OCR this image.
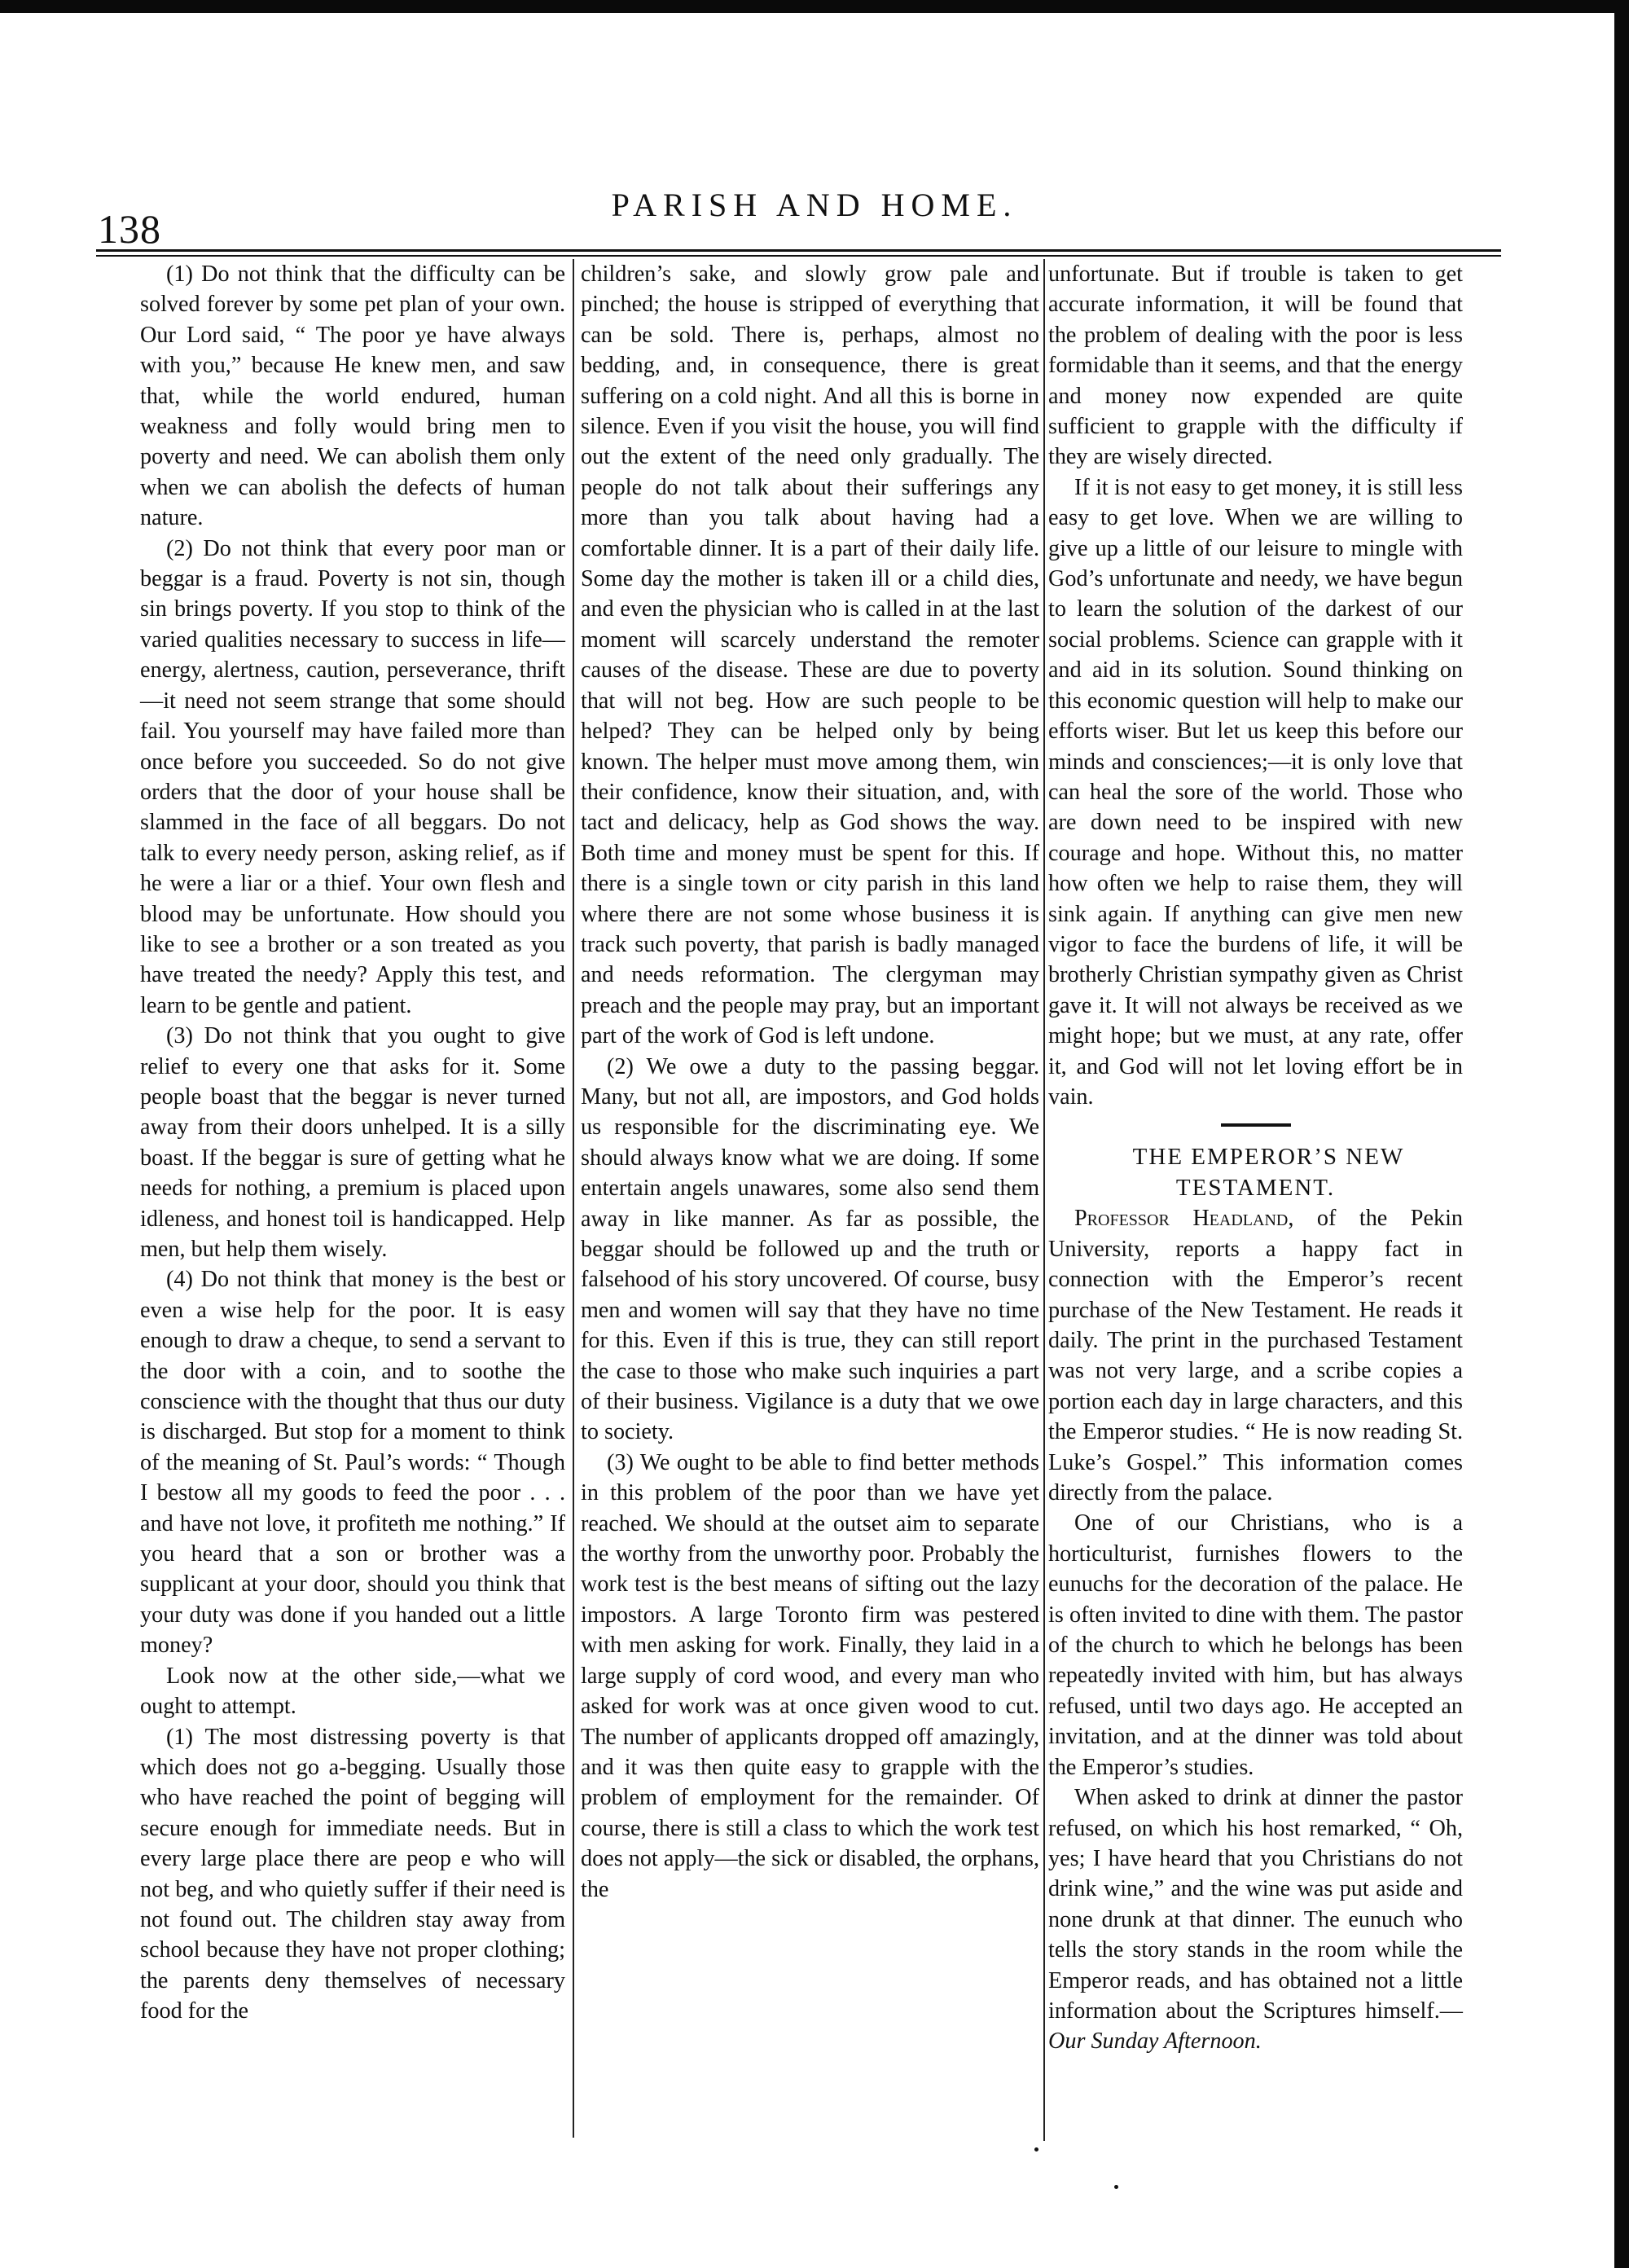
138
PARISH AND HOME.

(1) Do not think that the difficulty can be solved forever by some pet plan of your own. Our Lord said, “ The poor ye have always with you,” because He knew men, and saw that, while the world endured, human weakness and folly would bring men to poverty and need. We can abolish them only when we can abolish the defects of human nature.

(2) Do not think that every poor man or beggar is a fraud. Poverty is not sin, though sin brings poverty. If you stop to think of the varied qualities necessary to success in life—energy, alertness, caution, perseverance, thrift—it need not seem strange that some should fail. You yourself may have failed more than once before you succeeded. So do not give orders that the door of your house shall be slammed in the face of all beggars. Do not talk to every needy person, asking relief, as if he were a liar or a thief. Your own flesh and blood may be unfortunate. How should you like to see a brother or a son treated as you have treated the needy? Apply this test, and learn to be gentle and patient.

(3) Do not think that you ought to give relief to every one that asks for it. Some people boast that the beggar is never turned away from their doors unhelped. It is a silly boast. If the beggar is sure of getting what he needs for nothing, a premium is placed upon idleness, and honest toil is handicapped. Help men, but help them wisely.

(4) Do not think that money is the best or even a wise help for the poor. It is easy enough to draw a cheque, to send a servant to the door with a coin, and to soothe the conscience with the thought that thus our duty is discharged. But stop for a moment to think of the meaning of St. Paul’s words: “ Though I bestow all my goods to feed the poor . . . and have not love, it profiteth me nothing.” If you heard that a son or brother was a supplicant at your door, should you think that your duty was done if you handed out a little money?

Look now at the other side,—what we ought to attempt.

(1) The most distressing poverty is that which does not go a-begging. Usually those who have reached the point of begging will secure enough for immediate needs. But in every large place there are peop e who will not beg, and who quietly suffer if their need is not found out. The children stay away from school because they have not proper clothing; the parents deny themselves of necessary food for the

children’s sake, and slowly grow pale and pinched; the house is stripped of everything that can be sold. There is, perhaps, almost no bedding, and, in consequence, there is great suffering on a cold night. And all this is borne in silence. Even if you visit the house, you will find out the extent of the need only gradually. The people do not talk about their sufferings any more than you talk about having had a comfortable dinner. It is a part of their daily life. Some day the mother is taken ill or a child dies, and even the physician who is called in at the last moment will scarcely understand the remoter causes of the disease. These are due to poverty that will not beg. How are such people to be helped? They can be helped only by being known. The helper must move among them, win their confidence, know their situation, and, with tact and delicacy, help as God shows the way. Both time and money must be spent for this. If there is a single town or city parish in this land where there are not some whose business it is track such poverty, that parish is badly managed and needs reformation. The clergyman may preach and the people may pray, but an important part of the work of God is left undone.

(2) We owe a duty to the passing beggar. Many, but not all, are impostors, and God holds us responsible for the discriminating eye. We should always know what we are doing. If some entertain angels unawares, some also send them away in like manner. As far as possible, the beggar should be followed up and the truth or falsehood of his story uncovered. Of course, busy men and women will say that they have no time for this. Even if this is true, they can still report the case to those who make such inquiries a part of their business. Vigilance is a duty that we owe to society.

(3) We ought to be able to find better methods in this problem of the poor than we have yet reached. We should at the outset aim to separate the worthy from the unworthy poor. Probably the work test is the best means of sifting out the lazy impostors. A large Toronto firm was pestered with men asking for work. Finally, they laid in a large supply of cord wood, and every man who asked for work was at once given wood to cut. The number of applicants dropped off amazingly, and it was then quite easy to grapple with the problem of employment for the remainder. Of course, there is still a class to which the work test does not apply—the sick or disabled, the orphans, the

unfortunate. But if trouble is taken to get accurate information, it will be found that the problem of dealing with the poor is less formidable than it seems, and that the energy and money now expended are quite sufficient to grapple with the difficulty if they are wisely directed.

If it is not easy to get money, it is still less easy to get love. When we are willing to give up a little of our leisure to mingle with God’s unfortunate and needy, we have begun to learn the solution of the darkest of our social problems. Science can grapple with it and aid in its solution. Sound thinking on this economic question will help to make our efforts wiser. But let us keep this before our minds and consciences;—it is only love that can heal the sore of the world. Those who are down need to be inspired with new courage and hope. Without this, no matter how often we help to raise them, they will sink again. If anything can give men new vigor to face the burdens of life, it will be brotherly Christian sympathy given as Christ gave it. It will not always be received as we might hope; but we must, at any rate, offer it, and God will not let loving effort be in vain.

THE EMPEROR’S NEW TESTAMENT.

Professor Headland, of the Pekin University, reports a happy fact in connection with the Emperor’s recent purchase of the New Testament. He reads it daily. The print in the purchased Testament was not very large, and a scribe copies a portion each day in large characters, and this the Emperor studies. “ He is now reading St. Luke’s Gospel.” This information comes directly from the palace.

One of our Christians, who is a horticulturist, furnishes flowers to the eunuchs for the decoration of the palace. He is often invited to dine with them. The pastor of the church to which he belongs has been repeatedly invited with him, but has always refused, until two days ago. He accepted an invitation, and at the dinner was told about the Emperor’s studies.

When asked to drink at dinner the pastor refused, on which his host remarked, “ Oh, yes; I have heard that you Christians do not drink wine,” and the wine was put aside and none drunk at that dinner. The eunuch who tells the story stands in the room while the Emperor reads, and has obtained not a little information about the Scriptures himself.—Our Sunday Afternoon.
